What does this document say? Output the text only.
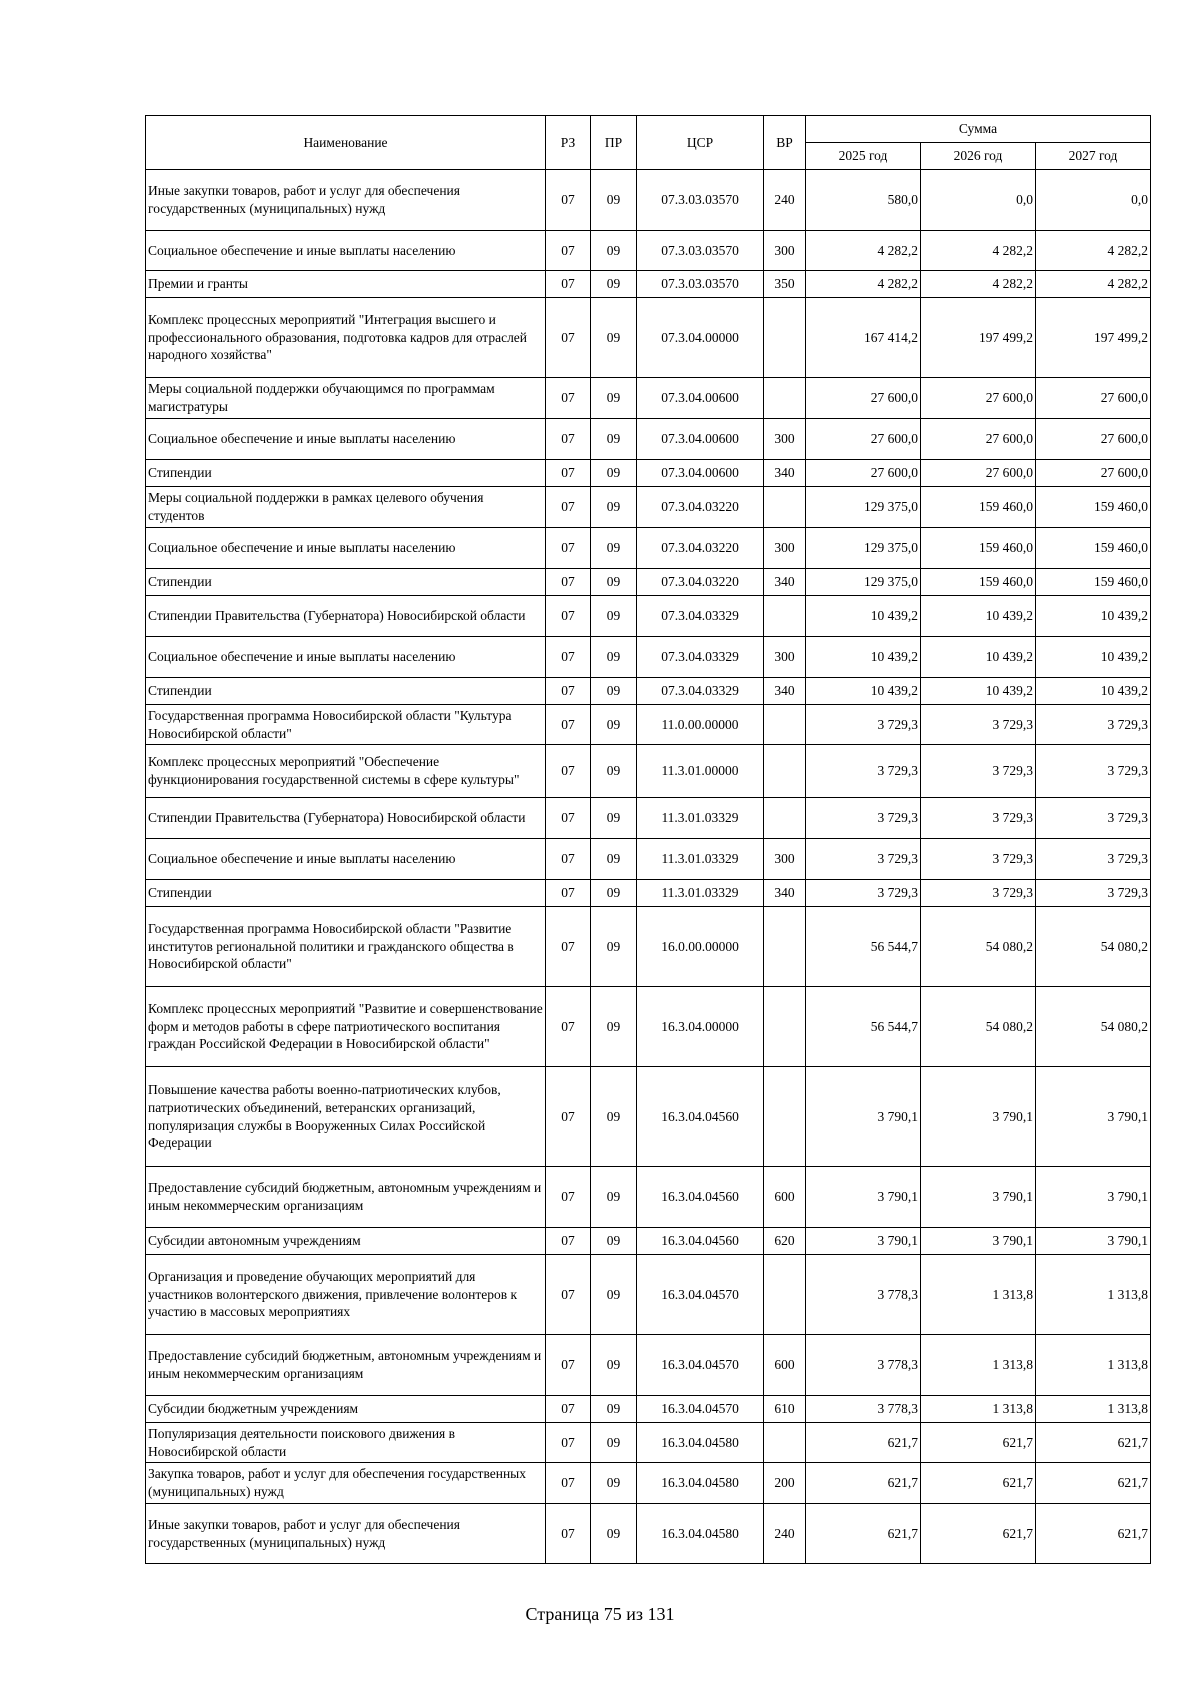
Наименование	РЗ	ПР	ЦСР	ВР	Сумма		
					2025 год	2026 год	2027 год
Иные закупки товаров, работ и услуг для обеспечения государственных (муниципальных) нужд	07	09	07.3.03.03570	240	580,0	0,0	0,0
Социальное обеспечение и иные выплаты населению	07	09	07.3.03.03570	300	4 282,2	4 282,2	4 282,2
Премии и гранты	07	09	07.3.03.03570	350	4 282,2	4 282,2	4 282,2
Комплекс процессных мероприятий "Интеграция высшего и профессионального образования, подготовка кадров для отраслей народного хозяйства"	07	09	07.3.04.00000		167 414,2	197 499,2	197 499,2
Меры социальной поддержки обучающимся по программам магистратуры	07	09	07.3.04.00600		27 600,0	27 600,0	27 600,0
Социальное обеспечение и иные выплаты населению	07	09	07.3.04.00600	300	27 600,0	27 600,0	27 600,0
Стипендии	07	09	07.3.04.00600	340	27 600,0	27 600,0	27 600,0
Меры социальной поддержки в рамках целевого обучения студентов	07	09	07.3.04.03220		129 375,0	159 460,0	159 460,0
Социальное обеспечение и иные выплаты населению	07	09	07.3.04.03220	300	129 375,0	159 460,0	159 460,0
Стипендии	07	09	07.3.04.03220	340	129 375,0	159 460,0	159 460,0
Стипендии Правительства (Губернатора) Новосибирской области	07	09	07.3.04.03329		10 439,2	10 439,2	10 439,2
Социальное обеспечение и иные выплаты населению	07	09	07.3.04.03329	300	10 439,2	10 439,2	10 439,2
Стипендии	07	09	07.3.04.03329	340	10 439,2	10 439,2	10 439,2
Государственная программа Новосибирской области "Культура Новосибирской области"	07	09	11.0.00.00000		3 729,3	3 729,3	3 729,3
Комплекс процессных мероприятий "Обеспечение функционирования государственной системы в сфере культуры"	07	09	11.3.01.00000		3 729,3	3 729,3	3 729,3
Стипендии Правительства (Губернатора) Новосибирской области	07	09	11.3.01.03329		3 729,3	3 729,3	3 729,3
Социальное обеспечение и иные выплаты населению	07	09	11.3.01.03329	300	3 729,3	3 729,3	3 729,3
Стипендии	07	09	11.3.01.03329	340	3 729,3	3 729,3	3 729,3
Государственная программа Новосибирской области "Развитие институтов региональной политики и гражданского общества в Новосибирской области"	07	09	16.0.00.00000		56 544,7	54 080,2	54 080,2
Комплекс процессных мероприятий "Развитие и совершенствование форм и методов работы в сфере патриотического воспитания граждан Российской Федерации в Новосибирской области"	07	09	16.3.04.00000		56 544,7	54 080,2	54 080,2
Повышение качества работы военно-патриотических клубов, патриотических объединений, ветеранских организаций, популяризация службы в Вооруженных Силах Российской Федерации	07	09	16.3.04.04560		3 790,1	3 790,1	3 790,1
Предоставление субсидий бюджетным, автономным учреждениям и иным некоммерческим организациям	07	09	16.3.04.04560	600	3 790,1	3 790,1	3 790,1
Субсидии автономным учреждениям	07	09	16.3.04.04560	620	3 790,1	3 790,1	3 790,1
Организация и проведение обучающих мероприятий для участников волонтерского движения, привлечение волонтеров к участию в массовых мероприятиях	07	09	16.3.04.04570		3 778,3	1 313,8	1 313,8
Предоставление субсидий бюджетным, автономным учреждениям и иным некоммерческим организациям	07	09	16.3.04.04570	600	3 778,3	1 313,8	1 313,8
Субсидии бюджетным учреждениям	07	09	16.3.04.04570	610	3 778,3	1 313,8	1 313,8
Популяризация деятельности поискового движения в Новосибирской области	07	09	16.3.04.04580		621,7	621,7	621,7
Закупка товаров, работ и услуг для обеспечения государственных (муниципальных) нужд	07	09	16.3.04.04580	200	621,7	621,7	621,7
Иные закупки товаров, работ и услуг для обеспечения государственных (муниципальных) нужд	07	09	16.3.04.04580	240	621,7	621,7	621,7
Страница 75 из 131
